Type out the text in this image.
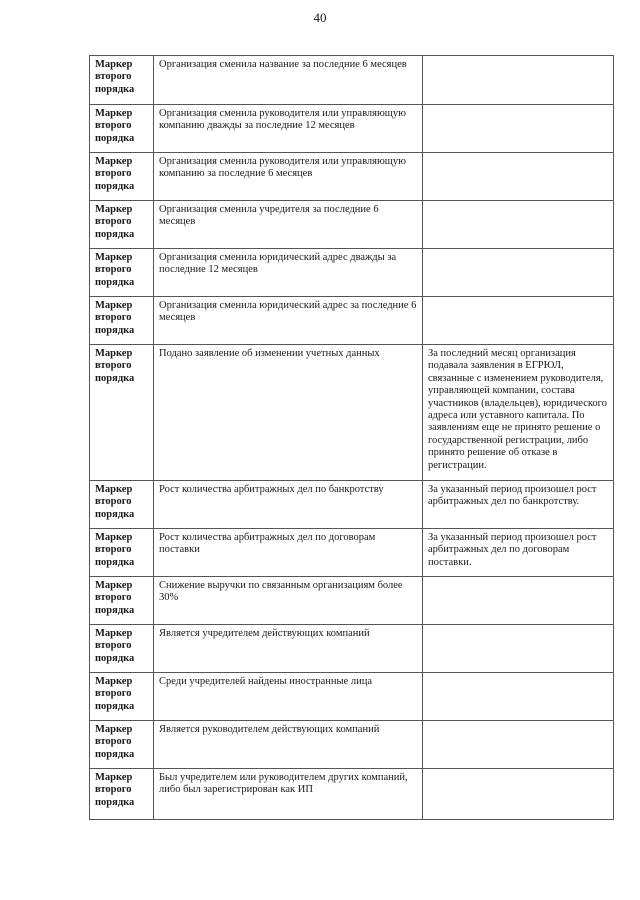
40
Маркер второго порядка	Организация сменила название за последние 6 месяцев	
Маркер второго порядка	Организация сменила руководителя или управляющую компанию дважды за последние 12 месяцев	
Маркер второго порядка	Организация сменила руководителя или управляющую компанию за последние 6 месяцев	
Маркер второго порядка	Организация сменила учредителя за последние 6 месяцев	
Маркер второго порядка	Организация сменила юридический адрес дважды за последние 12 месяцев	
Маркер второго порядка	Организация сменила юридический адрес за последние 6 месяцев	
Маркер второго порядка	Подано заявление об изменении учетных данных	За последний месяц организация подавала заявления в ЕГРЮЛ, связанные с изменением руководителя, управляющей компании, состава участников (владельцев), юридического адреса или уставного капитала. По заявлениям еще не принято решение о государственной регистрации, либо принято решение об отказе в регистрации.
Маркер второго порядка	Рост количества арбитражных дел по банкротству	За указанный период произошел рост арбитражных дел по банкротству.
Маркер второго порядка	Рост количества арбитражных дел по договорам поставки	За указанный период произошел рост арбитражных дел по договорам поставки.
Маркер второго порядка	Снижение выручки по связанным организациям более 30%	
Маркер второго порядка	Является учредителем действующих компаний	
Маркер второго порядка	Среди учредителей найдены иностранные лица	
Маркер второго порядка	Является руководителем действующих компаний	
Маркер второго порядка	Был учредителем или руководителем других компаний, либо был зарегистрирован как ИП	
